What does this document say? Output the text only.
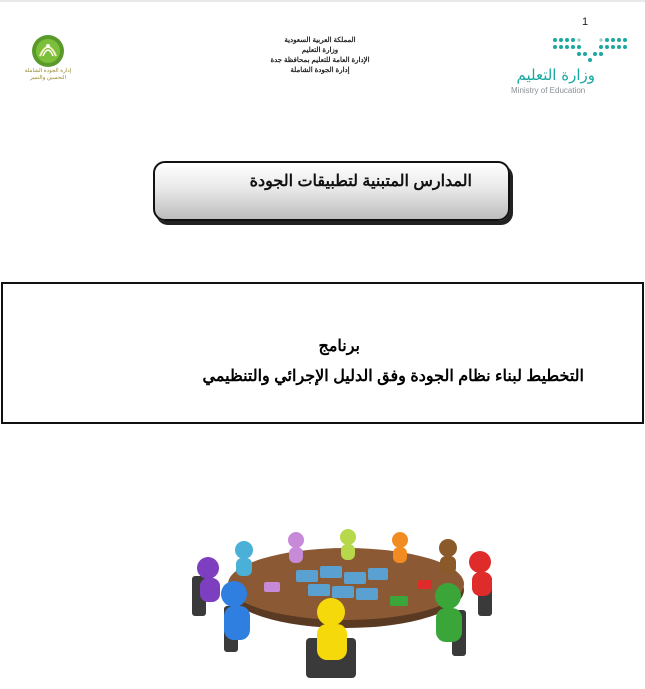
1
إدارة الجودة الشاملة
التحسين والتميز
المملكة العربية السعودية
وزارة التعليم
الإدارة العامة للتعليم بمحافظة جدة
إدارة الجودة الشاملة	وزارة التعليم
Ministry of Education
المدارس المتبنية لتطبيقات الجودة
برنامج
التخطيط لبناء نظام الجودة وفق الدليل الإجرائي والتنظيمي
